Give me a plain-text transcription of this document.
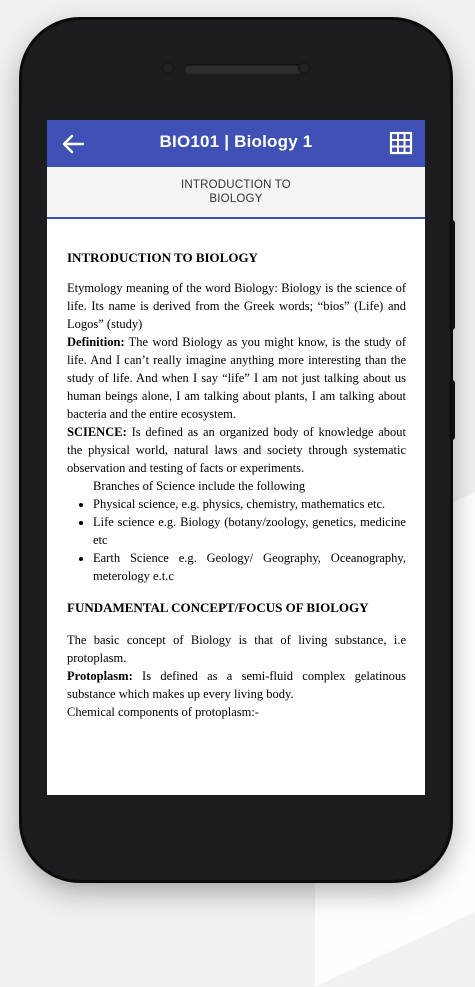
BIO101 | Biology 1
INTRODUCTION TO BIOLOGY
INTRODUCTION TO BIOLOGY

Etymology meaning of the word Biology: Biology is the science of life. Its name is derived from the Greek words; “bios” (Life) and Logos” (study)

Definition: The word Biology as you might know, is the study of life. And I can’t really imagine anything more interesting than the study of life. And when I say “life” I am not just talking about us human beings alone, I am talking about plants, I am talking about bacteria and the entire ecosystem.

SCIENCE: Is defined as an organized body of knowledge about the physical world, natural laws and society through systematic observation and testing of facts or experiments.

Branches of Science include the following
• Physical science, e.g. physics, chemistry, mathematics etc.
• Life science e.g. Biology (botany/zoology, genetics, medicine etc
• Earth Science e.g. Geology/ Geography, Oceanography, meterology e.t.c
FUNDAMENTAL CONCEPT/FOCUS OF BIOLOGY

The basic concept of Biology is that of living substance, i.e protoplasm.

Protoplasm: Is defined as a semi-fluid complex gelatinous substance which makes up every living body.

Chemical components of protoplasm:-
